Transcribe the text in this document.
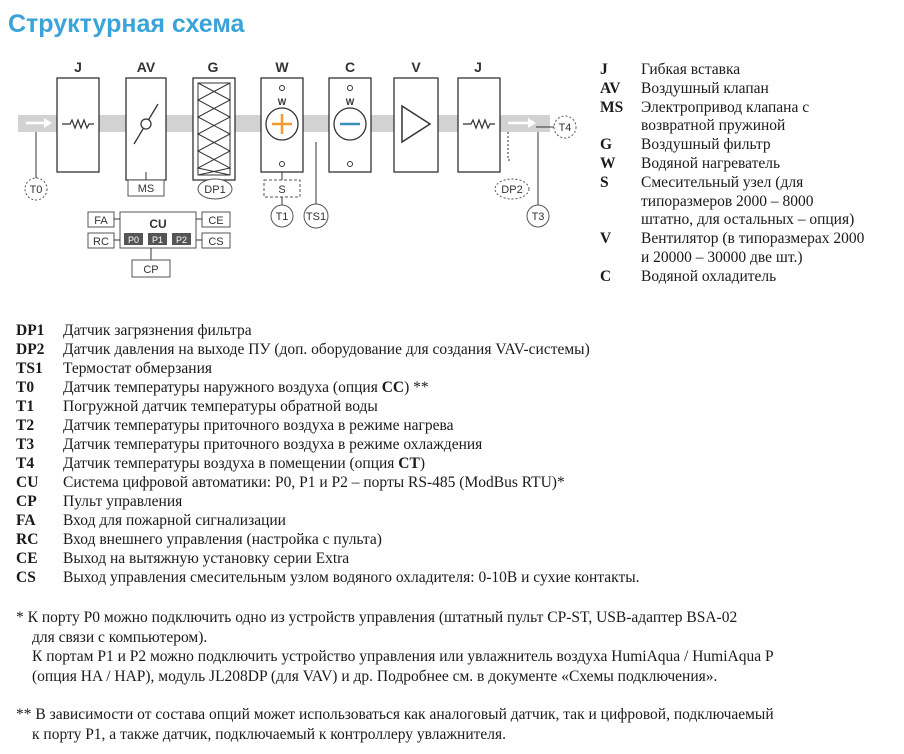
Структурная схема
J	AV	G	W	C	V	J
W	W
T0	MS	DP1	S
T1 TS1
T4
DP2
T3
CU
P0 P1 P2
FA
RC
CE
CS
CP
J	Гибкая вставка
AV	Воздушный клапан
MS	Электропривод клапана с
возвратной пружиной
G	Воздушный фильтр
W	Водяной нагреватель
S	Смесительный узел (для
типоразмеров 2000 – 8000
штатно, для остальных – опция)
V	Вентилятор (в типоразмерах 2000
и 20000 – 30000 две шт.)
C	Водяной охладитель
DP1	Датчик загрязнения фильтра
DP2	Датчик давления на выходе ПУ (доп. оборудование для создания VAV-системы)
TS1	Термостат обмерзания
T0	Датчик температуры наружного воздуха (опция CC) **
T1	Погружной датчик температуры обратной воды
T2	Датчик температуры приточного воздуха в режиме нагрева
T3	Датчик температуры приточного воздуха в режиме охлаждения
T4	Датчик температуры воздуха в помещении (опция CT)
CU	Система цифровой автоматики: P0, P1 и P2 – порты RS-485 (ModBus RTU)*
CP	Пульт управления
FA	Вход для пожарной сигнализации
RC	Вход внешнего управления (настройка с пульта)
CE	Выход на вытяжную установку серии Extra
CS	Выход управления смесительным узлом водяного охладителя: 0-10В и сухие контакты.
* К порту P0 можно подключить одно из устройств управления (штатный пульт CP-ST, USB-адаптер BSA-02
для связи с компьютером).
К портам P1 и P2 можно подключить устройство управления или увлажнитель воздуха HumiAqua / HumiAqua P
(опция HA / HAP), модуль JL208DP (для VAV) и др. Подробнее см. в документе «Схемы подключения».
** В зависимости от состава опций может использоваться как аналоговый датчик, так и цифровой, подключаемый
к порту P1, а также датчик, подключаемый к контроллеру увлажнителя.
